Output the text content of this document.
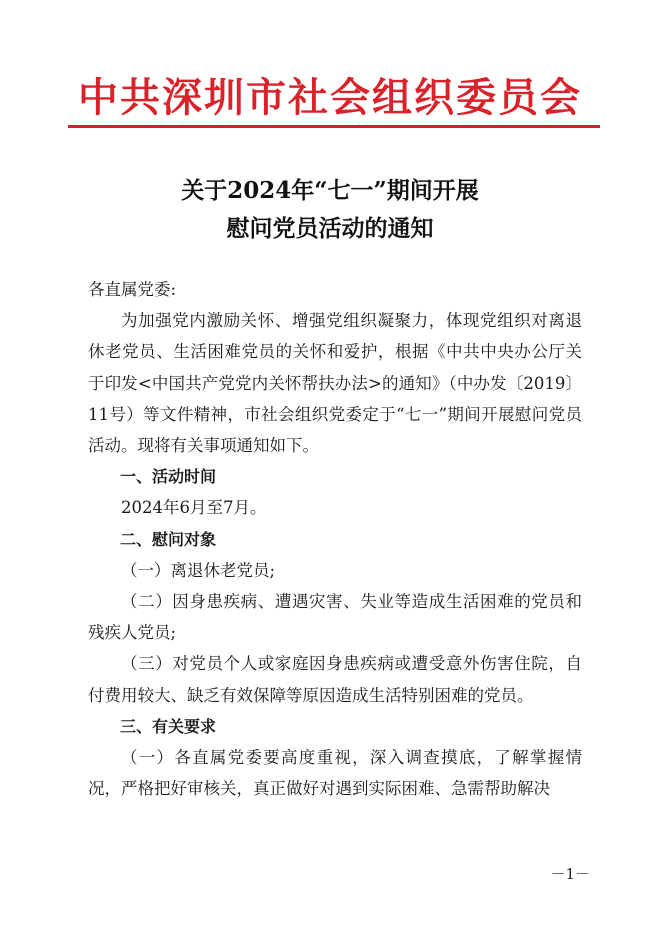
中共深圳市社会组织委员会
关于2024年“七一”期间开展
慰问党员活动的通知

各直属党委:

为加强党内激励关怀、增强党组织凝聚力，体现党组织对离退休老党员、生活困难党员的关怀和爱护，根据《中共中央办公厅关于印发<中国共产党党内关怀帮扶办法>的通知》（中办发〔2019〕11号）等文件精神，市社会组织党委定于“七一”期间开展慰问党员活动。现将有关事项通知如下。

一、活动时间

2024年6月至7月。

二、慰问对象

（一）离退休老党员;

（二）因身患疾病、遭遇灾害、失业等造成生活困难的党员和残疾人党员;

（三）对党员个人或家庭因身患疾病或遭受意外伤害住院，自付费用较大、缺乏有效保障等原因造成生活特别困难的党员。

三、有关要求

（一）各直属党委要高度重视，深入调查摸底，了解掌握情况，严格把好审核关，真正做好对遇到实际困难、急需帮助解决

－1－
